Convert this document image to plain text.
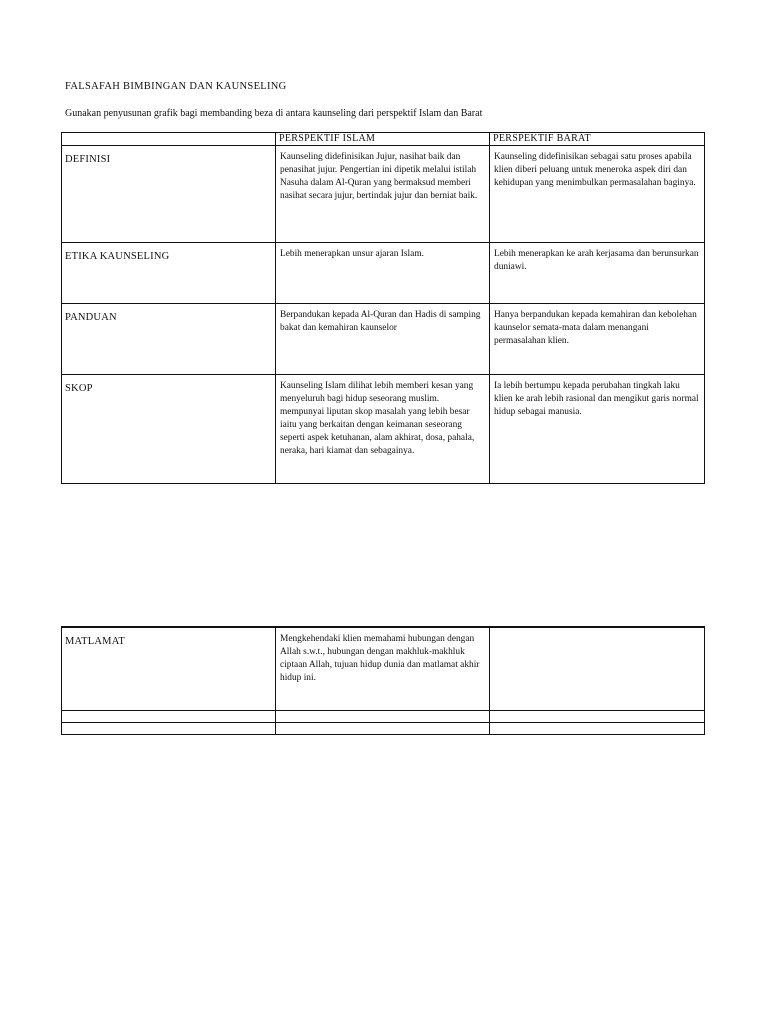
FALSAFAH BIMBINGAN DAN KAUNSELING
Gunakan penyusunan grafik bagi membanding beza di antara kaunseling dari perspektif Islam dan Barat
	PERSPEKTIF ISLAM	PERSPEKTIF BARAT
DEFINISI	Kaunseling didefinisikan Jujur, nasihat baik dan penasihat jujur. Pengertian ini dipetik melalui istilah Nasuha dalam Al-Quran yang bermaksud memberi nasihat secara jujur, bertindak jujur dan berniat baik.	Kaunseling didefinisikan sebagai satu proses apabila klien diberi peluang untuk meneroka aspek diri dan kehidupan yang menimbulkan permasalahan baginya.
ETIKA KAUNSELING	Lebih menerapkan unsur ajaran Islam.	Lebih menerapkan ke arah kerjasama dan berunsurkan duniawi.
PANDUAN	Berpandukan kepada Al-Quran dan Hadis di samping bakat dan kemahiran kaunselor	Hanya berpandukan kepada kemahiran dan kebolehan kaunselor semata-mata dalam menangani permasalahan klien.
SKOP	Kaunseling Islam dilihat lebih memberi kesan yang menyeluruh bagi hidup seseorang muslim. mempunyai liputan skop masalah yang lebih besar iaitu yang berkaitan dengan keimanan seseorang seperti aspek ketuhanan, alam akhirat, dosa, pahala, neraka, hari kiamat dan sebagainya.	Ia lebih bertumpu kepada perubahan tingkah laku klien ke arah lebih rasional dan mengikut garis normal hidup sebagai manusia.
MATLAMAT	Mengkehendaki klien memahami hubungan dengan Allah s.w.t., hubungan dengan makhluk-makhluk ciptaan Allah, tujuan hidup dunia dan matlamat akhir hidup ini.	
